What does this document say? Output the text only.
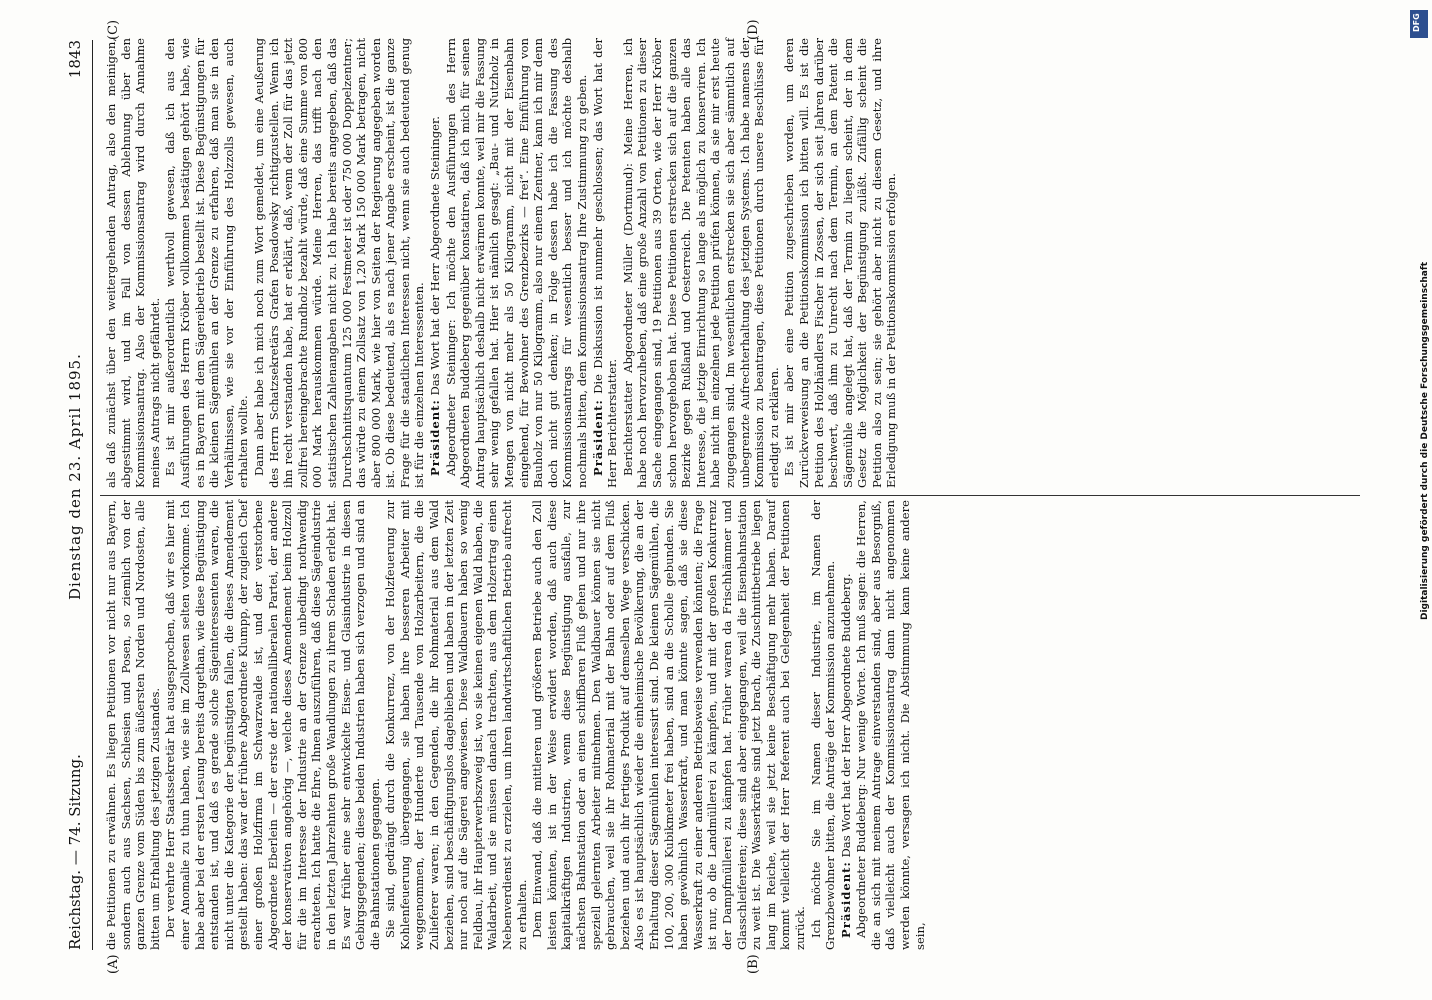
Reichstag. — 74. Sitzung.
Dienstag den 23. April 1895.
1843
(A)	(B)
(C)	(D)

die Petitionen zu erwähnen. Es liegen Petitionen vor nicht nur aus Bayern, sondern auch aus Sachsen, Schlesien und Posen, so ziemlich von der ganzen Grenze vom Süden bis zum äußersten Norden und Nordosten, alle bitten um Erhaltung des jetzigen Zustandes. Der verehrte Herr Staatssekretär hat ausgesprochen, daß wir es hier mit einer Anomalie zu thun haben, wie sie im Zollwesen selten vorkomme. Ich habe aber bei der ersten Lesung bereits dargethan, wie diese Begünstigung entstanden ist, und daß es gerade solche Sägeinteressenten waren, die nicht unter die Kategorie der begünstigten fallen, die dieses Amendement gestellt haben: das war der frühere Abgeordnete Klumpp, der zugleich Chef einer großen Holzfirma im Schwarzwalde ist, und der verstorbene Abgeordnete Eberlein — der erste der nationalliberalen Partei, der andere der konservativen angehörig —, welche dieses Amendement beim Holzzoll für die im Interesse der Industrie an der Grenze unbedingt nothwendig erachteten. Ich hatte die Ehre, Ihnen auszuführen, daß diese Sägeindustrie in den letzten Jahrzehnten große Wandlungen zu ihrem Schaden erlebt hat. Es war früher eine sehr entwickelte Eisen- und Glasindustrie in diesen Gebirgsgegenden; diese beiden Industrien haben sich verzogen und sind an die Bahnstationen gegangen. Sie sind, gedrängt durch die Konkurrenz, von der Holzfeuerung zur Kohlenfeuerung übergegangen, sie haben ihre besseren Arbeiter mit weggenommen, der Hunderte und Tausende von Holzarbeitern, die die Zulieferer waren; in den Gegenden, die ihr Rohmaterial aus dem Wald beziehen, sind beschäftigungslos dageblieben und haben in der letzten Zeit nur noch auf die Sägerei angewiesen. Diese Waldbauern haben so wenig Feldbau, ihr Haupterwerbszweig ist, wo sie keinen eigenen Wald haben, die Waldarbeit, und sie müssen danach trachten, aus dem Holzertrag einen Nebenverdienst zu erzielen, um ihren landwirtschaftlichen Betrieb aufrecht zu erhalten. Dem Einwand, daß die mittleren und größeren Betriebe auch den Zoll leisten könnten, ist in der Weise erwidert worden, daß auch diese kapitalkräftigen Industrien, wenn diese Begünstigung ausfalle, zur nächsten Bahnstation oder an einen schiffbaren Fluß gehen und nur ihre speziell gelernten Arbeiter mitnehmen. Den Waldbauer können sie nicht gebrauchen, weil sie ihr Rohmaterial mit der Bahn oder auf dem Fluß beziehen und auch ihr fertiges Produkt auf demselben Wege verschicken. Also es ist hauptsächlich wieder die einheimische Bevölkerung, die an der Erhaltung dieser Sägemühlen interessirt sind. Die kleinen Sägemühlen, die 100, 200, 300 Kubikmeter frei haben, sind an die Scholle gebunden. Sie haben gewöhnlich Wasserkraft, und man könnte sagen, daß sie diese Wasserkraft zu einer anderen Betriebsweise verwenden könnten; die Frage ist nur, ob die Landmüllerei zu kämpfen, und mit der großen Konkurrenz der Dampfmüllerei zu kämpfen hat. Früher waren da Frischhämmer und Glasschleifereien; diese sind aber eingegangen, weil die Eisenbahnstation zu weit ist. Die Wasserkräfte sind jetzt brach, die Zuschnittbetriebe liegen lang im Reiche, weil sie jetzt keine Beschäftigung mehr haben. Darauf kommt vielleicht der Herr Referent auch bei Gelegenheit der Petitionen zurück. Ich möchte Sie im Namen dieser Industrie, im Namen der Grenzbewohner bitten, die Anträge der Kommission anzunehmen. Präsident: Das Wort hat der Herr Abgeordnete Buddeberg. Abgeordneter Buddeberg: Nur wenige Worte. Ich muß sagen: die Herren, die an sich mit meinem Antrage einverstanden sind, aber aus Besorgniß, daß vielleicht auch der Kommissionsantrag dann nicht angenommen werden könnte, versagen ich nicht. Die Abstimmung kann keine andere sein,

als daß zunächst über den weitergehenden Antrag, also den meinigen, abgestimmt wird, und im Fall von dessen Ablehnung über den Kommissionsantrag. Also der Kommissionsantrag wird durch Annahme meines Antrags nicht gefährdet. Es ist mir außerordentlich werthvoll gewesen, daß ich aus den Ausführungen des Herrn Kröber vollkommen bestätigen gehört habe, wie es in Bayern mit dem Sägereibetrieb bestellt ist. Diese Begünstigungen für die kleinen Sägemühlen an der Grenze zu erfahren, daß man sie in den Verhältnissen, wie sie vor der Einführung des Holzzolls gewesen, auch erhalten wollte. Dann aber habe ich mich noch zum Wort gemeldet, um eine Aeußerung des Herrn Schatzsekretärs Grafen Posadowsky richtigzustellen. Wenn ich ihn recht verstanden habe, hat er erklärt, daß, wenn der Zoll für das jetzt zollfrei hereingebrachte Rundholz bezahlt würde, daß eine Summe von 800 000 Mark herauskommen würde. Meine Herren, das trifft nach den statistischen Zahlenangaben nicht zu. Ich habe bereits angegeben, daß das Durchschnittsquantum 125 000 Festmeter ist oder 750 000 Doppelzentner; das würde zu einem Zollsatz von 1,20 Mark 150 000 Mark betragen, nicht aber 800 000 Mark, wie hier von Seiten der Regierung angegeben worden ist. Ob diese bedeutend, als es nach jener Angabe erscheint, ist die ganze Frage für die staatlichen Interessen nicht, wenn sie auch bedeutend genug ist für die einzelnen Interessenten. Präsident: Das Wort hat der Herr Abgeordnete Steininger. Abgeordneter Steininger: Ich möchte den Ausführungen des Herrn Abgeordneten Buddeberg gegenüber konstatiren, daß ich mich für seinen Antrag hauptsächlich deshalb nicht erwärmen konnte, weil mir die Fassung sehr wenig gefallen hat. Hier ist nämlich gesagt: „Bau- und Nutzholz in Mengen von nicht mehr als 50 Kilogramm, nicht mit der Eisenbahn eingehend, für Bewohner des Grenzbezirks — frei“. Eine Einführung von Bauholz von nur 50 Kilogramm, also nur einem Zentner, kann ich mir denn doch nicht gut denken; in Folge dessen habe ich die Fassung des Kommissionsantrags für wesentlich besser und ich möchte deshalb nochmals bitten, dem Kommissionsantrag Ihre Zustimmung zu geben. Präsident: Die Diskussion ist nunmehr geschlossen; das Wort hat der Herr Berichterstatter. Berichterstatter Abgeordneter Müller (Dortmund): Meine Herren, ich habe noch hervorzuheben, daß eine große Anzahl von Petitionen zu dieser Sache eingegangen sind, 19 Petitionen aus 39 Orten, wie der Herr Kröber schon hervorgehoben hat. Diese Petitionen erstrecken sich auf die ganzen Bezirke gegen Rußland und Oesterreich. Die Petenten haben alle das Interesse, die jetzige Einrichtung so lange als möglich zu konserviren. Ich habe nicht im einzelnen jede Petition prüfen können, da sie mir erst heute zugegangen sind. Im wesentlichen erstrecken sie sich aber sämmtlich auf unbegrenzte Aufrechterhaltung des jetzigen Systems. Ich habe namens der Kommission zu beantragen, diese Petitionen durch unsere Beschlüsse für erledigt zu erklären. Es ist mir aber eine Petition zugeschrieben worden, um deren Zurückverweisung an die Petitionskommission ich bitten will. Es ist die Petition des Holzhändlers Fischer in Zossen, der sich seit Jahren darüber beschwert, daß ihm zu Unrecht nach dem Termin, an dem Patent die Sägemühle angelegt hat, daß der Termin zu liegen scheint, der in dem Gesetz die Möglichkeit der Begünstigung zuläßt. Zufällig scheint die Petition also zu sein; sie gehört aber nicht zu diesem Gesetz, und ihre Erledigung muß in der Petitionskommission erfolgen.	Digitalisierung gefördert durch die Deutsche Forschungsgemeinschaft
DFG
